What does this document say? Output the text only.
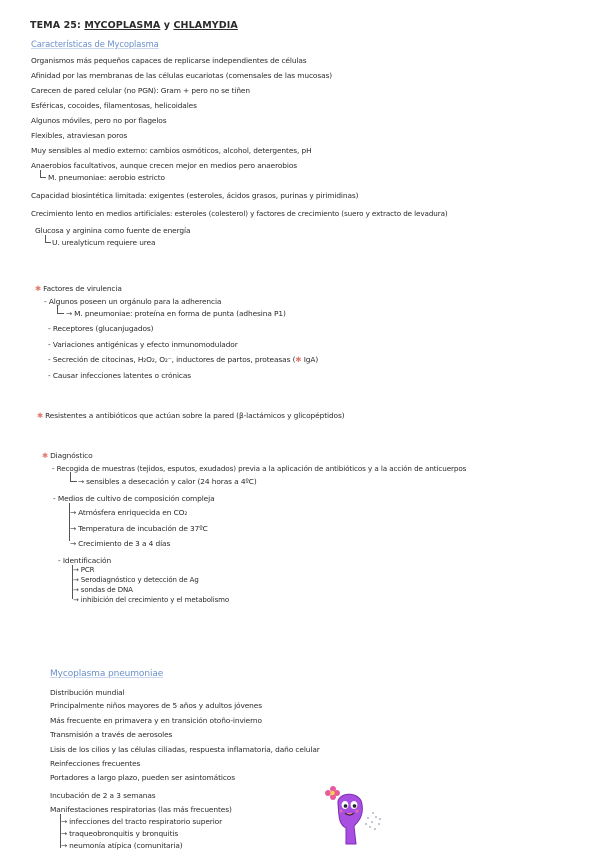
TEMA 25: MYCOPLASMA y CHLAMYDIA
Características de Mycoplasma
Organismos más pequeños capaces de replicarse independientes de células
Afinidad por las membranas de las células eucariotas (comensales de las mucosas)
Carecen de pared celular (no PGN): Gram + pero no se tiñen
Esféricas, cocoides, filamentosas, helicoidales
Algunos móviles, pero no por flagelos
Flexibles, atraviesan poros
Muy sensibles al medio externo: cambios osmóticos, alcohol, detergentes, pH
Anaerobios facultativos, aunque crecen mejor en medios pero anaerobios
M. pneumoniae: aerobio estricto
Capacidad biosintética limitada: exigentes (esteroles, ácidos grasos, purinas y pirimidinas)
Crecimiento lento en medios artificiales: esteroles (colesterol) y factores de crecimiento (suero y extracto de levadura)
Glucosa y arginina como fuente de energía
U. urealyticum requiere urea
✱ Factores de virulencia
- Algunos poseen un orgánulo para la adherencia
→ M. pneumoniae: proteína en forma de punta (adhesina P1)
- Receptores (glucanjugados)
- Variaciones antigénicas y efecto inmunomodulador
- Secreción de citocinas, H₂O₂, O₂⁻, inductores de partos, proteasas (✱ IgA)
- Causar infecciones latentes o crónicas
✱ Resistentes a antibióticos que actúan sobre la pared (β-lactámicos y glicopéptidos)
✱ Diagnóstico
- Recogida de muestras (tejidos, esputos, exudados) previa a la aplicación de antibióticos y a la acción de anticuerpos
→ sensibles a desecación y calor (24 horas a 4ºC)
- Medios de cultivo de composición compleja
→ Atmósfera enriquecida en CO₂
→ Temperatura de incubación de 37ºC
→ Crecimiento de 3 a 4 días
- Identificación
→ PCR
→ Serodiagnóstico y detección de Ag
→ sondas de DNA
→ inhibición del crecimiento y el metabolismo
Mycoplasma pneumoniae
Distribución mundial
Principalmente niños mayores de 5 años y adultos jóvenes
Más frecuente en primavera y en transición otoño-invierno
Transmisión a través de aerosoles
Lisis de los cilios y las células ciliadas, respuesta inflamatoria, daño celular
Reinfecciones frecuentes
Portadores a largo plazo, pueden ser asintomáticos
Incubación de 2 a 3 semanas
Manifestaciones respiratorias (las más frecuentes)
→ infecciones del tracto respiratorio superior
→ traqueobronquitis y bronquitis
→ neumonía atípica (comunitaria)
